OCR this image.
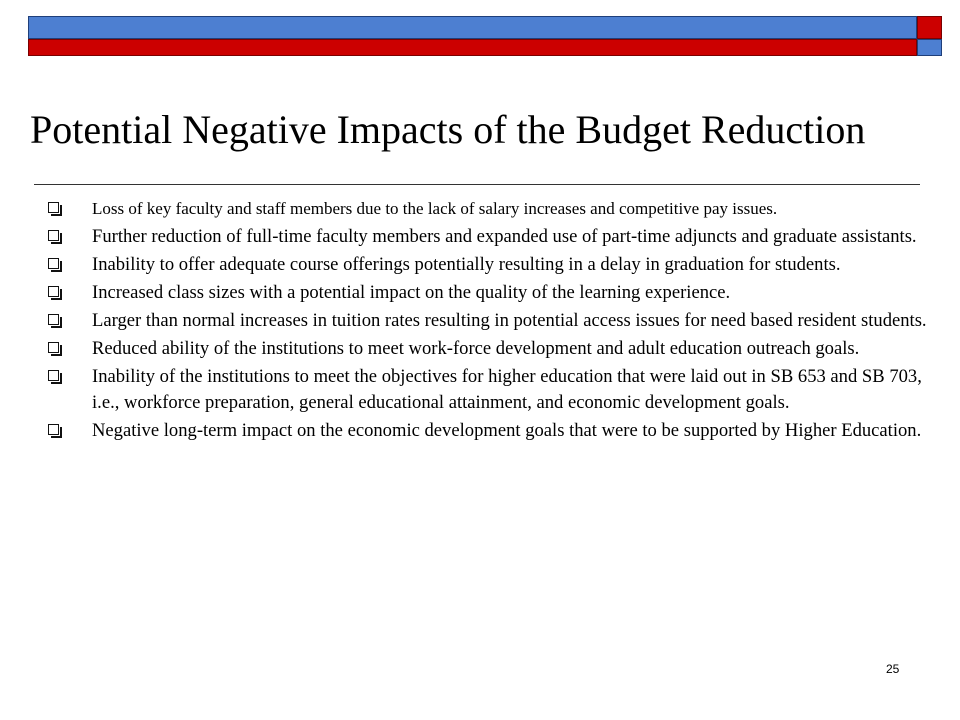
Potential Negative Impacts of the Budget Reduction
Loss of key faculty and staff members due to the lack of salary increases and competitive pay issues.
Further reduction of full-time faculty members and expanded use of part-time adjuncts and graduate assistants.
Inability to offer adequate course offerings potentially resulting in a delay in graduation for students.
Increased class sizes with a potential impact on the quality of the learning experience.
Larger than normal increases in tuition rates resulting in potential access issues for need based resident students.
Reduced ability of the institutions to meet work-force development and adult education outreach goals.
Inability of the institutions to meet the objectives for higher education that were laid out in SB 653 and SB 703, i.e., workforce preparation, general educational attainment, and economic development goals.
Negative long-term impact on the economic development goals that were to be supported by Higher Education.
25
